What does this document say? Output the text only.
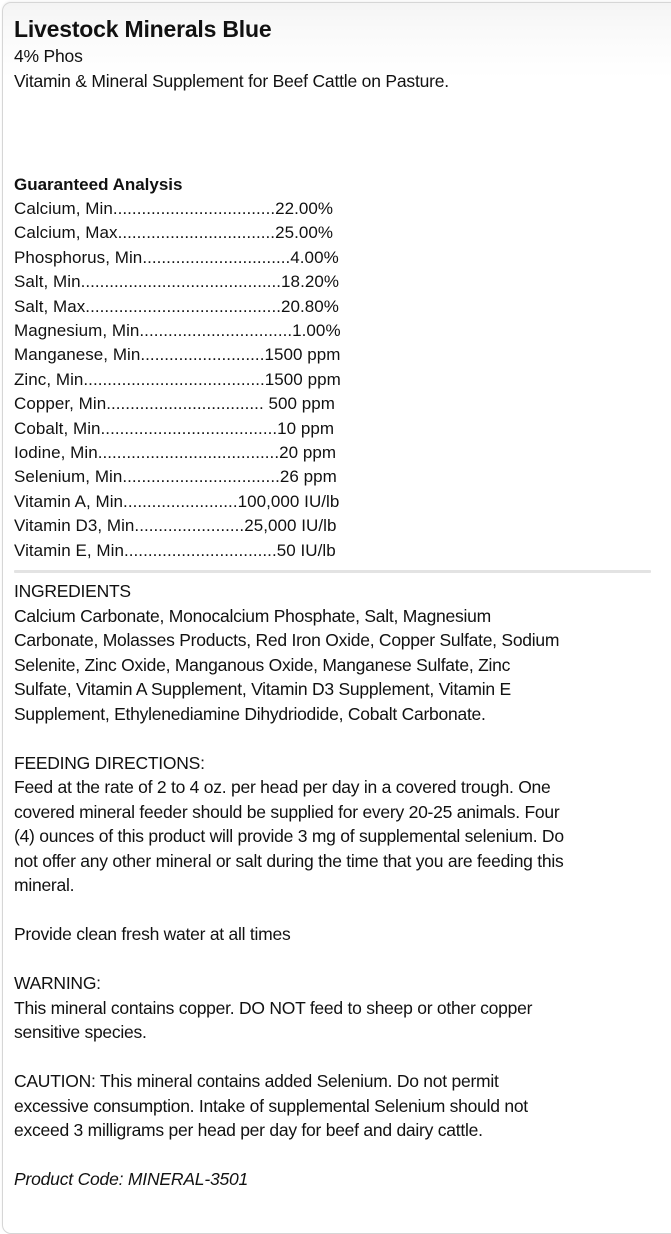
Livestock Minerals Blue

4% Phos

Vitamin & Mineral Supplement for Beef Cattle on Pasture.

Guaranteed Analysis
Calcium, Min..................................22.00%
Calcium, Max.................................25.00%
Phosphorus, Min...............................4.00%
Salt, Min..........................................18.20%
Salt, Max.........................................20.80%
Magnesium, Min................................1.00%
Manganese, Min..........................1500 ppm
Zinc, Min......................................1500 ppm
Copper, Min................................. 500 ppm
Cobalt, Min.....................................10 ppm
Iodine, Min......................................20 ppm
Selenium, Min.................................26 ppm
Vitamin A, Min........................100,000 IU/lb
Vitamin D3, Min.......................25,000 IU/lb
Vitamin E, Min................................50 IU/lb

INGREDIENTS

Calcium Carbonate, Monocalcium Phosphate, Salt, Magnesium

Carbonate, Molasses Products, Red Iron Oxide, Copper Sulfate, Sodium

Selenite, Zinc Oxide, Manganous Oxide, Manganese Sulfate, Zinc

Sulfate, Vitamin A Supplement, Vitamin D3 Supplement, Vitamin E

Supplement, Ethylenediamine Dihydriodide, Cobalt Carbonate.

FEEDING DIRECTIONS:

Feed at the rate of 2 to 4 oz. per head per day in a covered trough. One

covered mineral feeder should be supplied for every 20-25 animals. Four

(4) ounces of this product will provide 3 mg of supplemental selenium. Do

not offer any other mineral or salt during the time that you are feeding this

mineral.

Provide clean fresh water at all times

WARNING:

This mineral contains copper. DO NOT feed to sheep or other copper

sensitive species.

CAUTION: This mineral contains added Selenium. Do not permit

excessive consumption. Intake of supplemental Selenium should not

exceed 3 milligrams per head per day for beef and dairy cattle.

Product Code: MINERAL-3501
